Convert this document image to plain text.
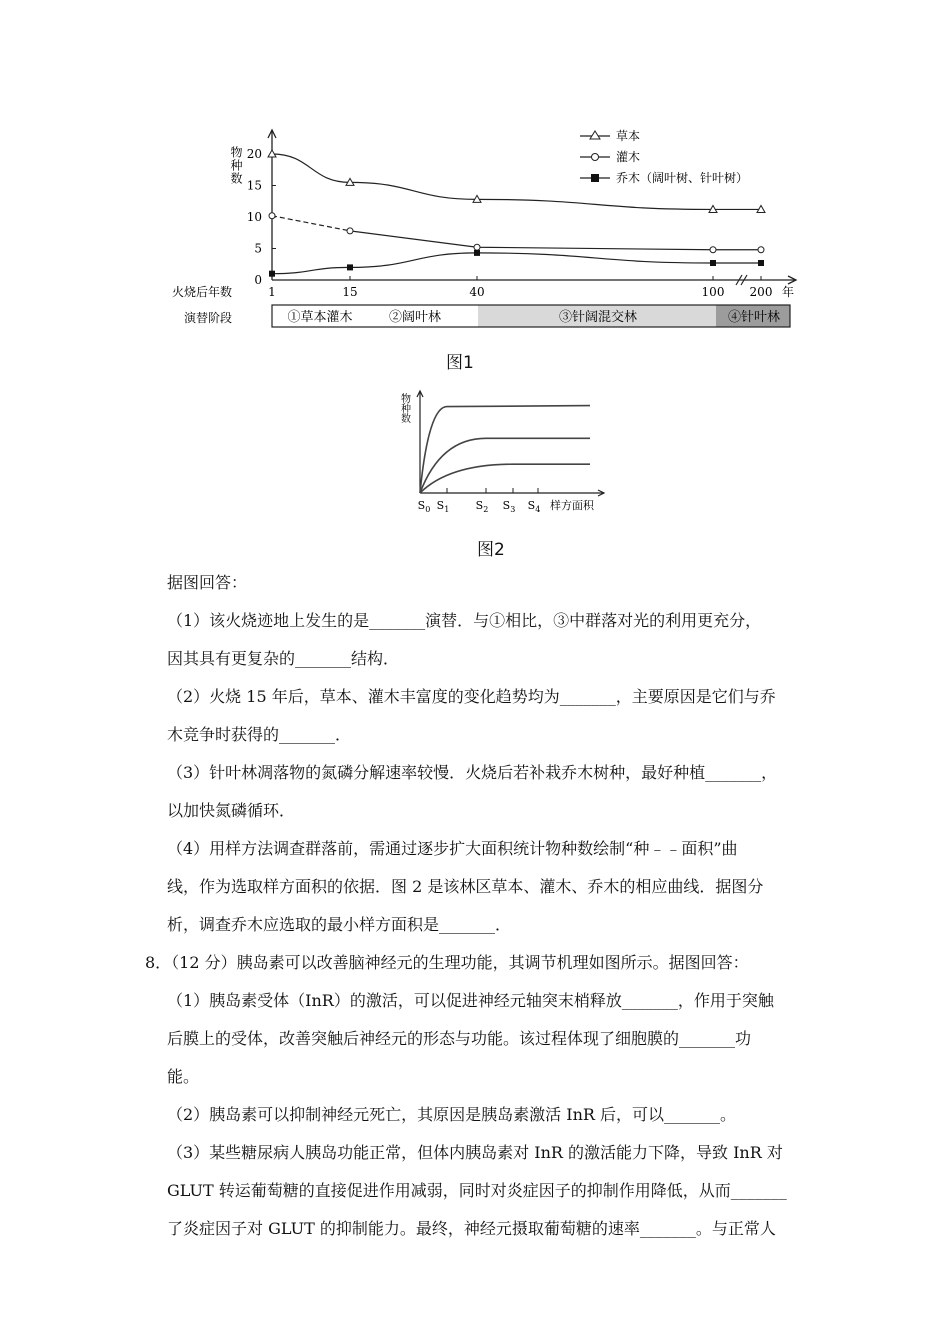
物种数
0
5
10
15
20
1	15	40	100 200 年
火烧后年数
演替阶段	①草本灌木	②阔叶林	③针阔混交林	④针叶林
草本
灌木
乔木（阔叶树、针叶树）
图1
物种数
$S_0$ $S_1$ $S_2$ $S_3$ $S_4$ 样方面积
图2
据图回答：
（1）该火烧迹地上发生的是_______演替．与①相比，③中群落对光的利用更充分，
因其具有更复杂的_______结构．
（2）火烧 15 年后，草本、灌木丰富度的变化趋势均为_______，主要原因是它们与乔
木竞争时获得的_______．
（3）针叶林凋落物的氮磷分解速率较慢．火烧后若补栽乔木树种，最好种植_______，
以加快氮磷循环．
（4）用样方法调查群落前，需通过逐步扩大面积统计物种数绘制“种﹣﹣面积”曲
线，作为选取样方面积的依据．图 2 是该林区草本、灌木、乔木的相应曲线．据图分
析，调查乔木应选取的最小样方面积是_______．
8．（12 分）胰岛素可以改善脑神经元的生理功能，其调节机理如图所示。据图回答：
（1）胰岛素受体（InR）的激活，可以促进神经元轴突末梢释放_______，作用于突触
后膜上的受体，改善突触后神经元的形态与功能。该过程体现了细胞膜的_______功
能。
（2）胰岛素可以抑制神经元死亡，其原因是胰岛素激活 InR 后，可以_______。
（3）某些糖尿病人胰岛功能正常，但体内胰岛素对 InR 的激活能力下降，导致 InR 对
GLUT 转运葡萄糖的直接促进作用减弱，同时对炎症因子的抑制作用降低，从而_______
了炎症因子对 GLUT 的抑制能力。最终，神经元摄取葡萄糖的速率_______。与正常人
